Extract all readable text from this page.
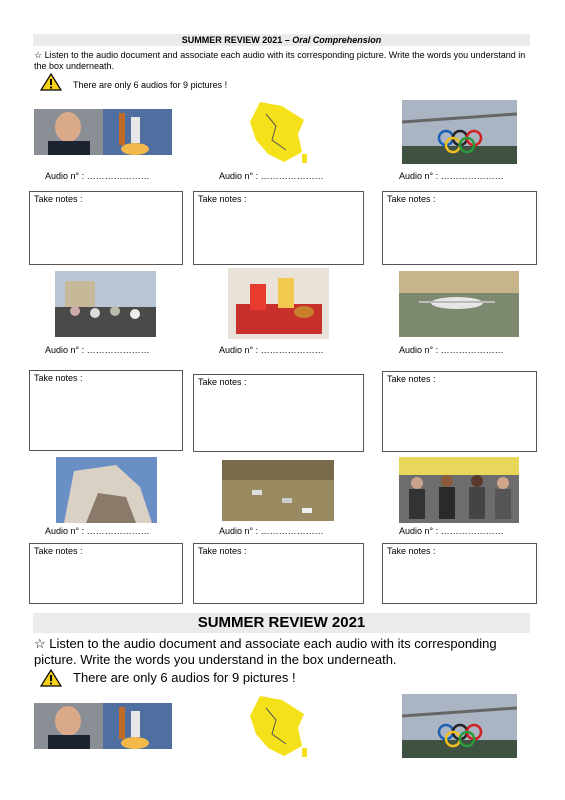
SUMMER REVIEW 2021 – Oral Comprehension
☆ Listen to the audio document and associate each audio with its corresponding picture. Write the words you understand in the box underneath.
There are only 6 audios for 9 pictures !
Audio n° : …………………	Audio n° : …………………	Audio n° : …………………
Take notes :	Take notes :	Take notes :
Audio n° : …………………	Audio n° : …………………	Audio n° : …………………
Take notes :	Take notes :	Take notes :
Audio n° : …………………	Audio n° : …………………	Audio n° : …………………
Take notes :	Take notes :	Take notes :
SUMMER REVIEW 2021
☆ Listen to the audio document and associate each audio with its corresponding picture. Write the words you understand in the box underneath.
There are only 6 audios for 9 pictures !
